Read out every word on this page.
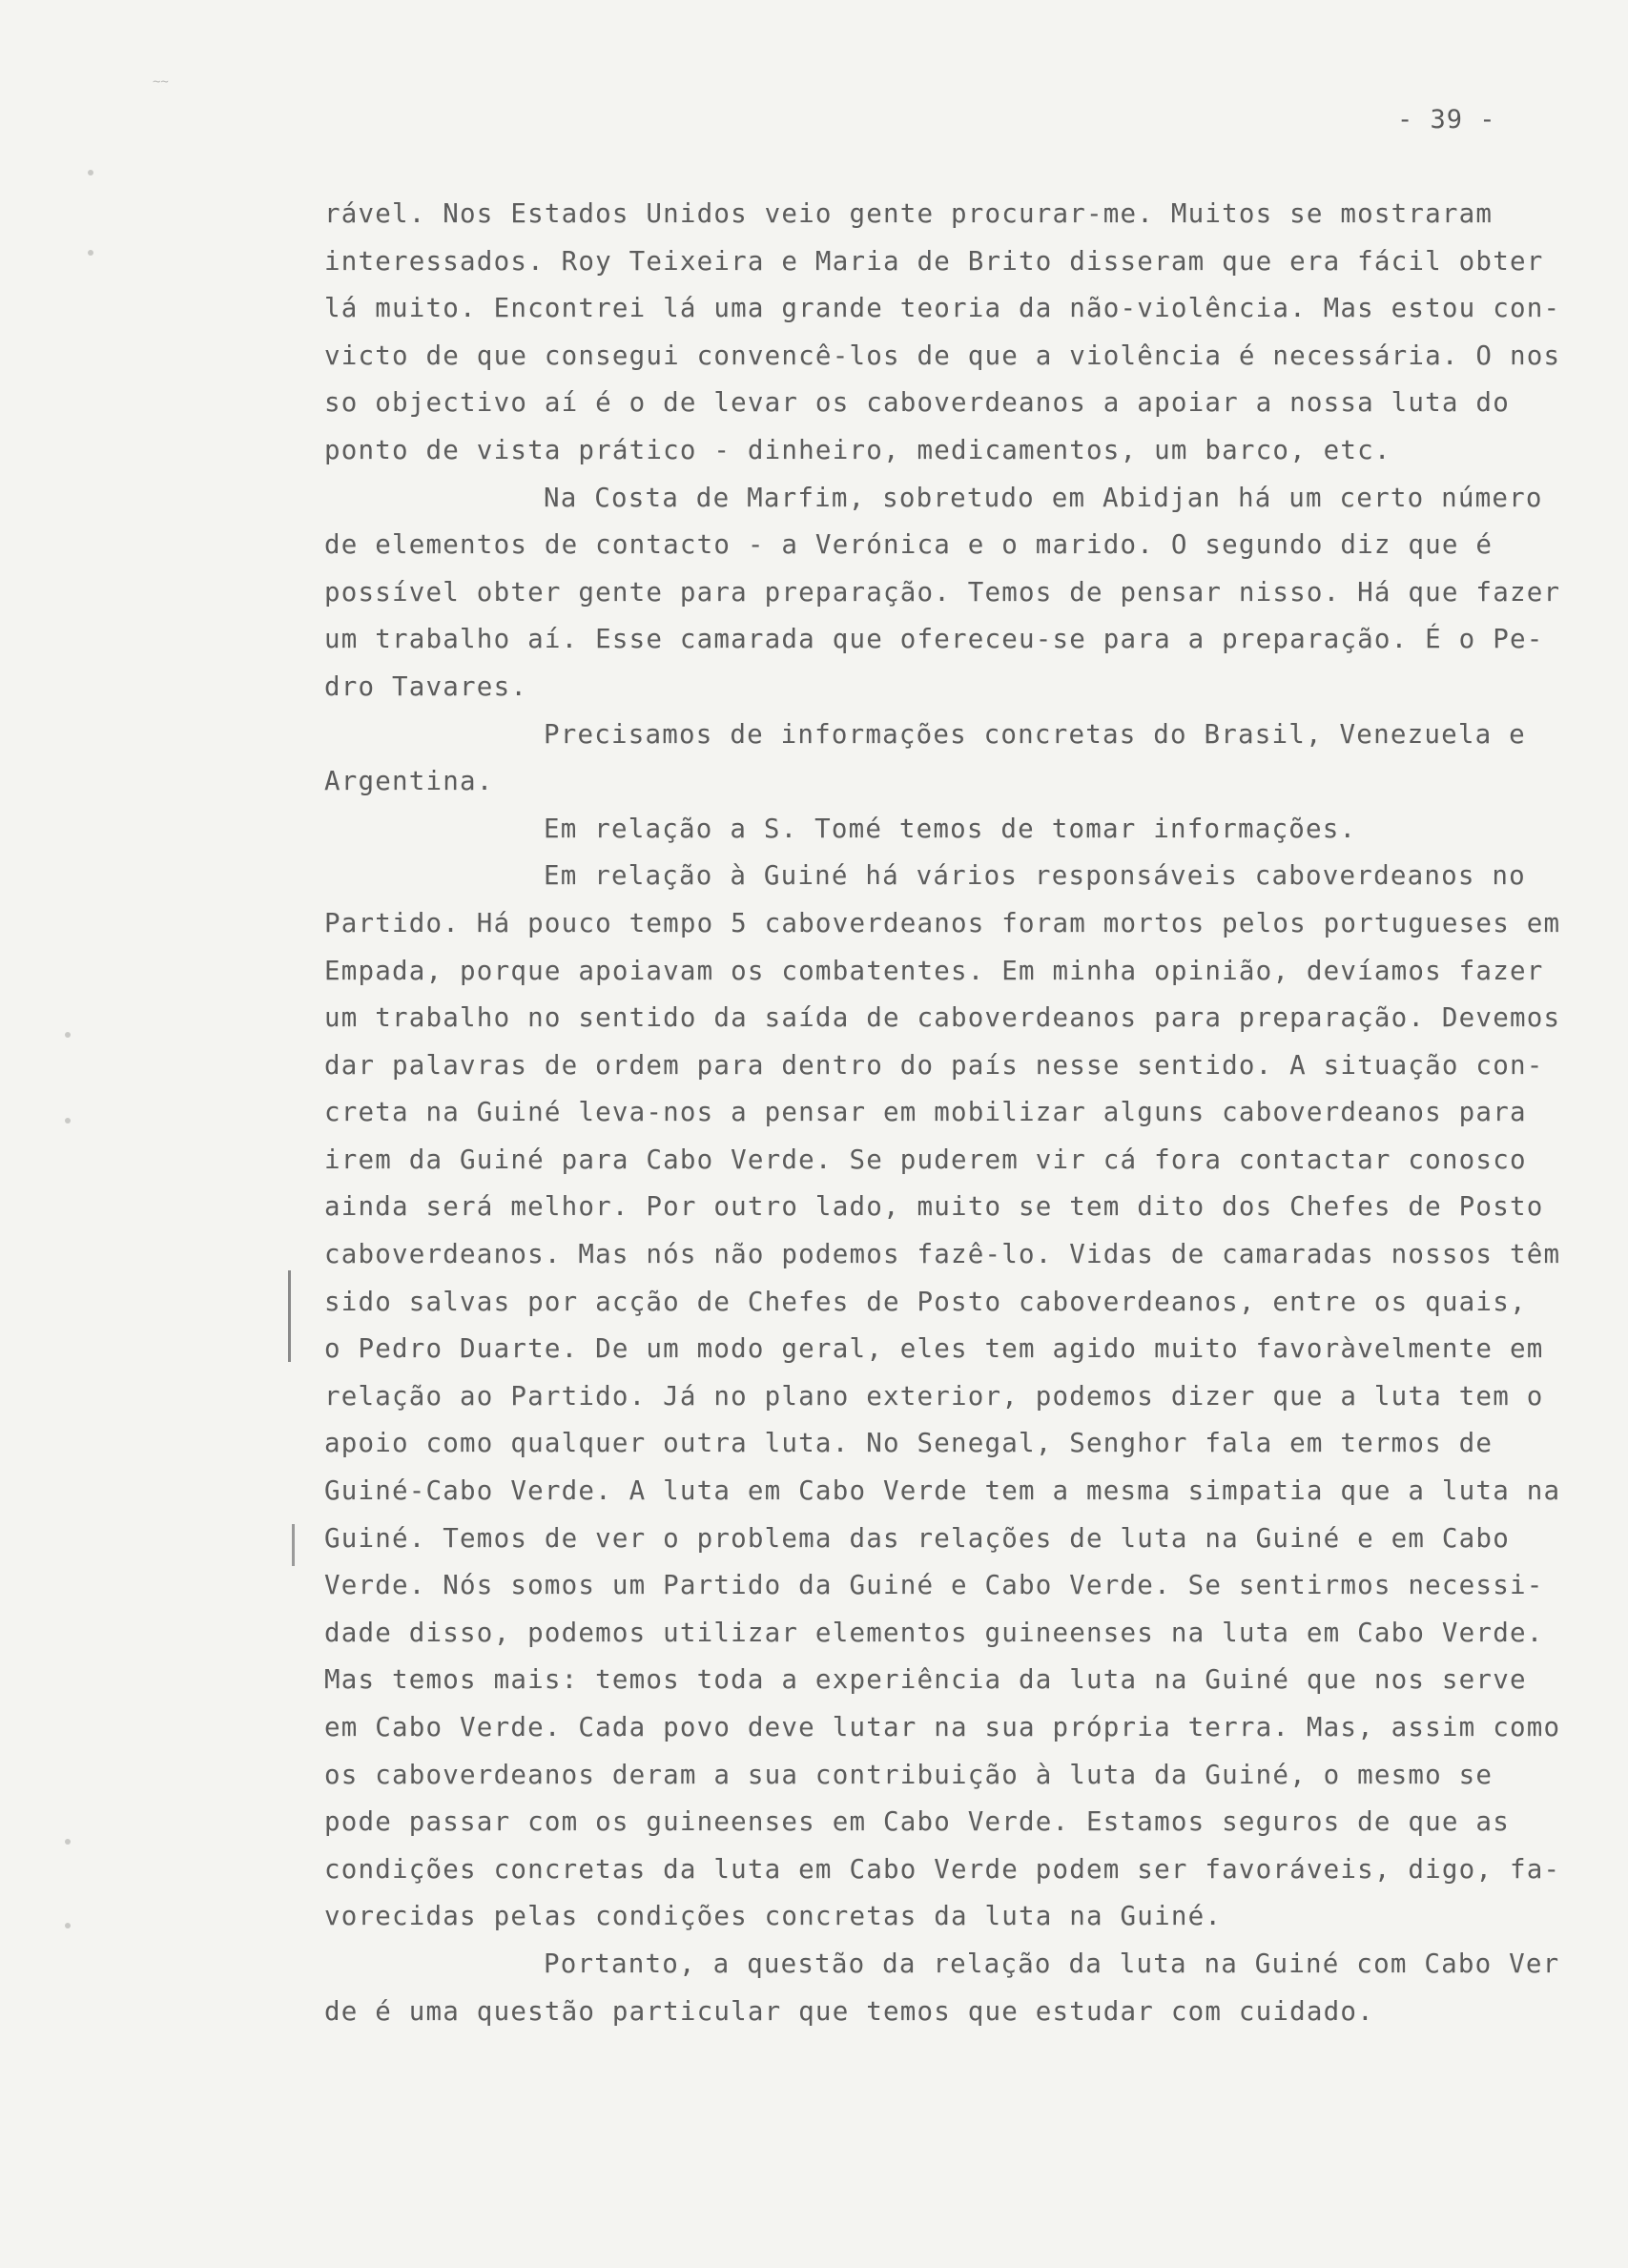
- 39 -
rável. Nos Estados Unidos veio gente procurar-me. Muitos se mostraram
interessados. Roy Teixeira e Maria de Brito disseram que era fácil obter
lá muito. Encontrei lá uma grande teoria da não-violência. Mas estou con-
victo de que consegui convencê-los de que a violência é necessária. O nos
so objectivo aí é o de levar os caboverdeanos a apoiar a nossa luta do
ponto de vista prático - dinheiro, medicamentos, um barco, etc.
Na Costa de Marfim, sobretudo em Abidjan há um certo número
de elementos de contacto - a Verónica e o marido. O segundo diz que é
possível obter gente para preparação. Temos de pensar nisso. Há que fazer
um trabalho aí. Esse camarada que ofereceu-se para a preparação. É o Pe-
dro Tavares.
Precisamos de informações concretas do Brasil, Venezuela e
Argentina.
Em relação a S. Tomé temos de tomar informações.
Em relação à Guiné há vários responsáveis caboverdeanos no
Partido. Há pouco tempo 5 caboverdeanos foram mortos pelos portugueses em
Empada, porque apoiavam os combatentes. Em minha opinião, devíamos fazer
um trabalho no sentido da saída de caboverdeanos para preparação. Devemos
dar palavras de ordem para dentro do país nesse sentido. A situação con-
creta na Guiné leva-nos a pensar em mobilizar alguns caboverdeanos para
irem da Guiné para Cabo Verde. Se puderem vir cá fora contactar conosco
ainda será melhor. Por outro lado, muito se tem dito dos Chefes de Posto
caboverdeanos. Mas nós não podemos fazê-lo. Vidas de camaradas nossos têm
sido salvas por acção de Chefes de Posto caboverdeanos, entre os quais,
o Pedro Duarte. De um modo geral, eles tem agido muito favoràvelmente em
relação ao Partido. Já no plano exterior, podemos dizer que a luta tem o
apoio como qualquer outra luta. No Senegal, Senghor fala em termos de
Guiné-Cabo Verde. A luta em Cabo Verde tem a mesma simpatia que a luta na
Guiné. Temos de ver o problema das relações de luta na Guiné e em Cabo
Verde. Nós somos um Partido da Guiné e Cabo Verde. Se sentirmos necessi-
dade disso, podemos utilizar elementos guineenses na luta em Cabo Verde.
Mas temos mais: temos toda a experiência da luta na Guiné que nos serve
em Cabo Verde. Cada povo deve lutar na sua própria terra. Mas, assim como
os caboverdeanos deram a sua contribuição à luta da Guiné, o mesmo se
pode passar com os guineenses em Cabo Verde. Estamos seguros de que as
condições concretas da luta em Cabo Verde podem ser favoráveis, digo, fa-
vorecidas pelas condições concretas da luta na Guiné.
Portanto, a questão da relação da luta na Guiné com Cabo Ver
de é uma questão particular que temos que estudar com cuidado.
~~
